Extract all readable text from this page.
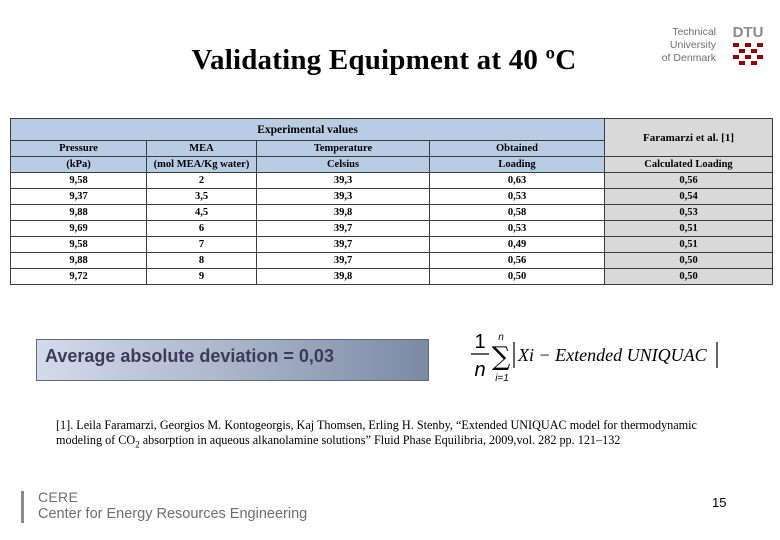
Validating Equipment at 40 ºC
Technical University
of Denmark
DTU
Experimental values				Faramarzi et al. [1]
Pressure	MEA	Temperature	Obtained	
(kPa)	(mol MEA/Kg water)	Celsius	Loading	Calculated Loading
9,58	2	39,3	0,63	0,56
9,37	3,5	39,3	0,53	0,54
9,88	4,5	39,8	0,58	0,53
9,69	6	39,7	0,53	0,51
9,58	7	39,7	0,49	0,51
9,88	8	39,7	0,56	0,50
9,72	9	39,8	0,50	0,50
Average absolute deviation = 0,03
1
n
n
∑
i=1
Xi − Extended UNIQUAC
[1]. Leila Faramarzi, Georgios M. Kontogeorgis, Kaj Thomsen, Erling H. Stenby, “Extended UNIQUAC model for thermodynamic modeling of $CO_2$ absorption in aqueous alkanolamine solutions” Fluid Phase Equilibria, 2009,vol. 282 pp. 121–132
CERE
Center for Energy Resources Engineering
15
